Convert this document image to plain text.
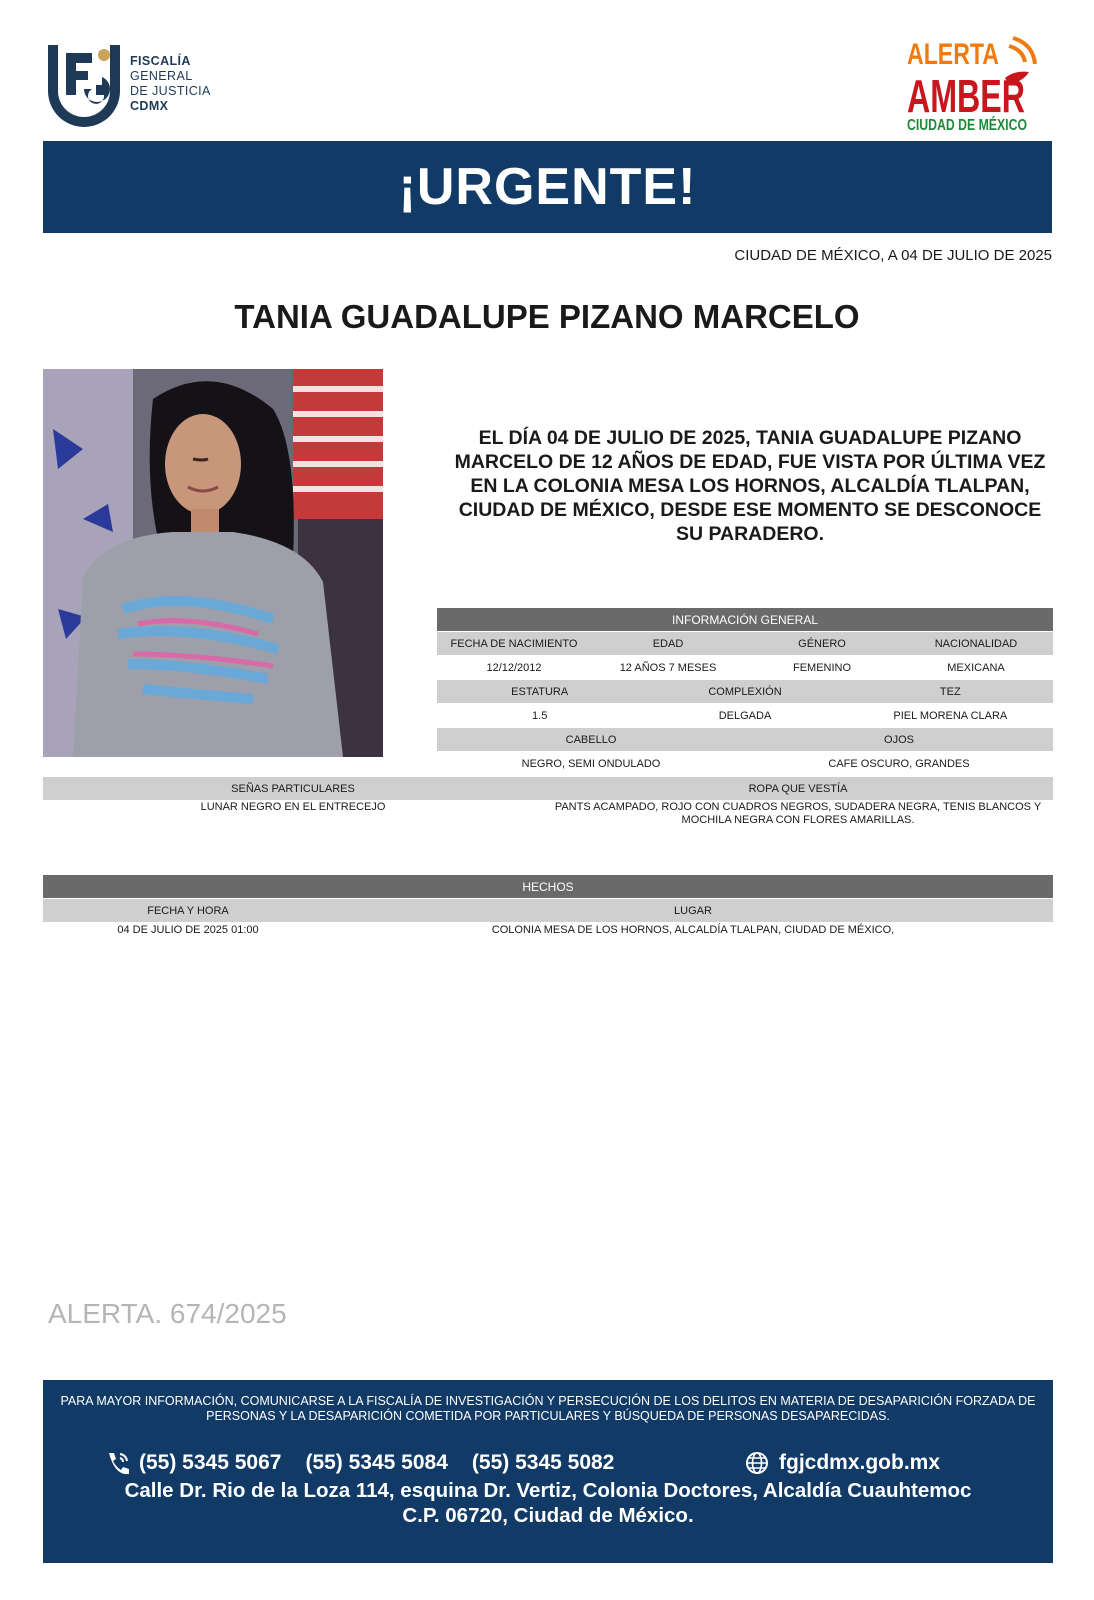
FISCALÍA
GENERAL
DE JUSTICIA
CDMX
ALERTA
AMBER
CIUDAD DE MÉXICO
¡URGENTE!
CIUDAD DE MÉXICO, A 04 DE JULIO DE 2025
TANIA GUADALUPE PIZANO MARCELO
EL DÍA 04 DE JULIO DE 2025, TANIA GUADALUPE PIZANO MARCELO DE 12 AÑOS DE EDAD, FUE VISTA POR ÚLTIMA VEZ EN LA COLONIA MESA LOS HORNOS, ALCALDÍA TLALPAN, CIUDAD DE MÉXICO, DESDE ESE MOMENTO SE DESCONOCE SU PARADERO.
INFORMACIÓN GENERAL
FECHA DE NACIMIENTO	EDAD	GÉNERO	NACIONALIDAD
12/12/2012	12 AÑOS 7 MESES	FEMENINO	MEXICANA
ESTATURA	COMPLEXIÓN	TEZ
1.5	DELGADA	PIEL MORENA CLARA
CABELLO	OJOS
NEGRO, SEMI ONDULADO	CAFE OSCURO, GRANDES
SEÑAS PARTICULARES	ROPA QUE VESTÍA
LUNAR NEGRO EN EL ENTRECEJO	PANTS ACAMPADO, ROJO CON CUADROS NEGROS, SUDADERA NEGRA, TENIS BLANCOS Y MOCHILA NEGRA CON FLORES AMARILLAS.
HECHOS
FECHA Y HORA	LUGAR
04 DE JULIO DE 2025 01:00	COLONIA MESA DE LOS HORNOS, ALCALDÍA TLALPAN, CIUDAD DE MÉXICO,
ALERTA. 674/2025
PARA MAYOR INFORMACIÓN, COMUNICARSE A LA FISCALÍA DE INVESTIGACIÓN Y PERSECUCIÓN DE LOS DELITOS EN MATERIA DE DESAPARICIÓN FORZADA DE PERSONAS Y LA DESAPARICIÓN COMETIDA POR PARTICULARES Y BÚSQUEDA DE PERSONAS DESAPARECIDAS.
(55) 5345 5067 (55) 5345 5084 (55) 5345 5082	fgjcdmx.gob.mx
Calle Dr. Rio de la Loza 114, esquina Dr. Vertiz, Colonia Doctores, Alcaldía Cuauhtemoc
C.P. 06720, Ciudad de México.
